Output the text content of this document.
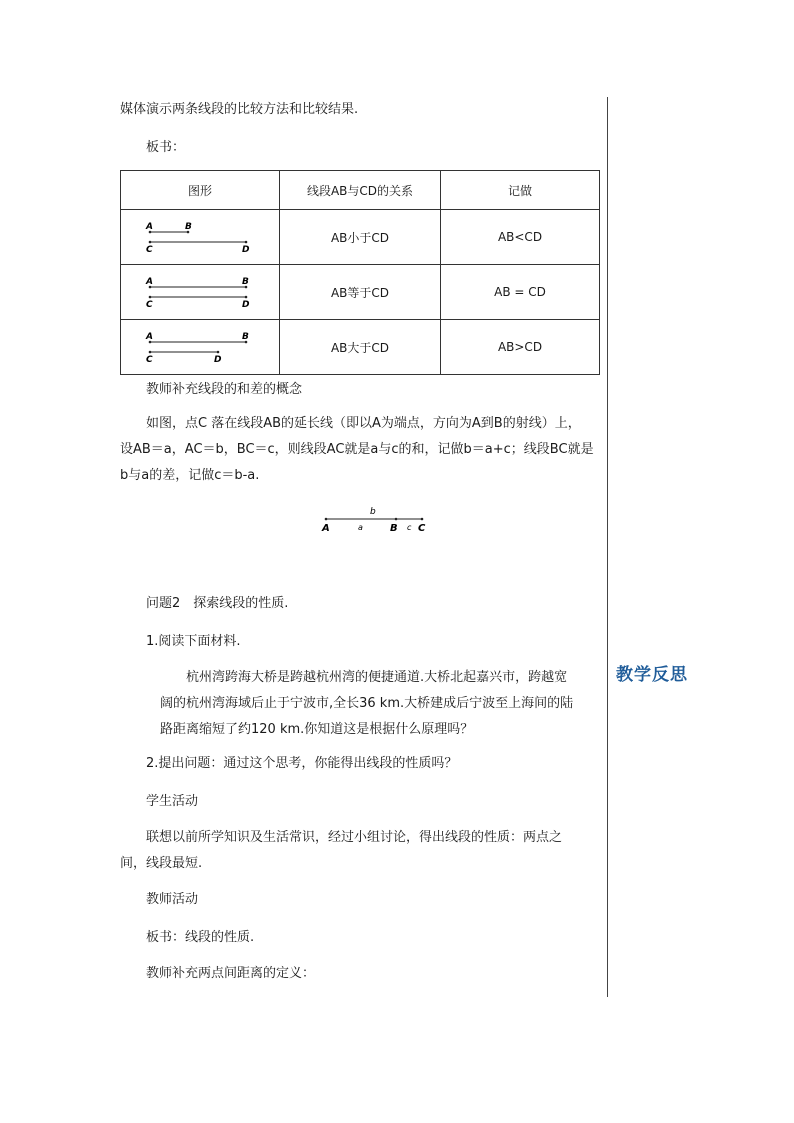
教学反思
媒体演示两条线段的比较方法和比较结果.
板书：
图形	线段AB与CD的关系	记做

A B
C D	AB小于CD	AB<CD

A B
C D	AB等于CD	AB = CD

A B
C D	AB大于CD	AB>CD
教师补充线段的和差的概念
如图，点C 落在线段AB的延长线（即以A为端点，方向为A到B的射线）上，
设AB＝a，AC＝b，BC＝c，则线段AC就是a与c的和，记做b＝a+c；线段BC就是
b与a的差，记做c＝b-a.
b
A	a	B c C
问题2　探索线段的性质.
1.阅读下面材料.
杭州湾跨海大桥是跨越杭州湾的便捷通道.大桥北起嘉兴市，跨越宽
阔的杭州湾海域后止于宁波市,全长36 km.大桥建成后宁波至上海间的陆
路距离缩短了约120 km.你知道这是根据什么原理吗？
2.提出问题：通过这个思考，你能得出线段的性质吗？
学生活动
联想以前所学知识及生活常识，经过小组讨论，得出线段的性质：两点之
间，线段最短.
教师活动
板书：线段的性质.
教师补充两点间距离的定义：
